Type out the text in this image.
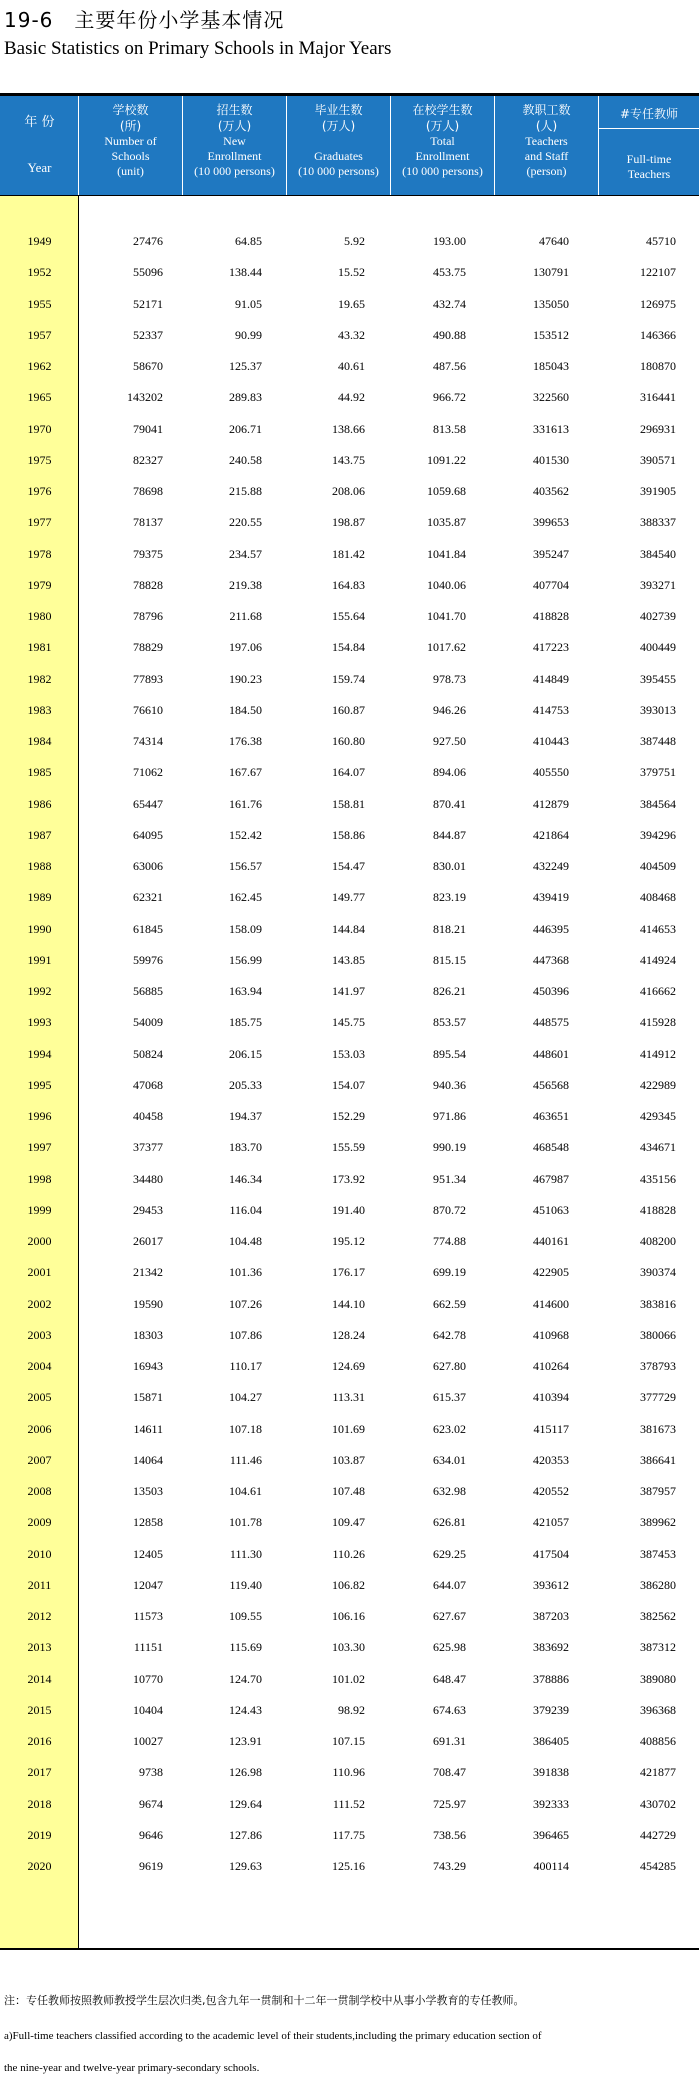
19-6　主要年份小学基本情况
Basic Statistics on Primary Schools in Major Years
年 份
Year
学校数
(所)
Number of
Schools
(unit)
招生数
(万人)
New
Enrollment
(10 000 persons)
毕业生数
(万人)
Graduates
(10 000 persons)
在校学生数
(万人)
Total
Enrollment
(10 000 persons)
教职工数
(人)
Teachers
and Staff
(person)
#专任教师
Full-time
Teachers
1949	27476	64.85	5.92	193.00	47640	45710
1952	55096	138.44	15.52	453.75	130791	122107
1955	52171	91.05	19.65	432.74	135050	126975
1957	52337	90.99	43.32	490.88	153512	146366
1962	58670	125.37	40.61	487.56	185043	180870
1965	143202	289.83	44.92	966.72	322560	316441
1970	79041	206.71	138.66	813.58	331613	296931
1975	82327	240.58	143.75	1091.22	401530	390571
1976	78698	215.88	208.06	1059.68	403562	391905
1977	78137	220.55	198.87	1035.87	399653	388337
1978	79375	234.57	181.42	1041.84	395247	384540
1979	78828	219.38	164.83	1040.06	407704	393271
1980	78796	211.68	155.64	1041.70	418828	402739
1981	78829	197.06	154.84	1017.62	417223	400449
1982	77893	190.23	159.74	978.73	414849	395455
1983	76610	184.50	160.87	946.26	414753	393013
1984	74314	176.38	160.80	927.50	410443	387448
1985	71062	167.67	164.07	894.06	405550	379751
1986	65447	161.76	158.81	870.41	412879	384564
1987	64095	152.42	158.86	844.87	421864	394296
1988	63006	156.57	154.47	830.01	432249	404509
1989	62321	162.45	149.77	823.19	439419	408468
1990	61845	158.09	144.84	818.21	446395	414653
1991	59976	156.99	143.85	815.15	447368	414924
1992	56885	163.94	141.97	826.21	450396	416662
1993	54009	185.75	145.75	853.57	448575	415928
1994	50824	206.15	153.03	895.54	448601	414912
1995	47068	205.33	154.07	940.36	456568	422989
1996	40458	194.37	152.29	971.86	463651	429345
1997	37377	183.70	155.59	990.19	468548	434671
1998	34480	146.34	173.92	951.34	467987	435156
1999	29453	116.04	191.40	870.72	451063	418828
2000	26017	104.48	195.12	774.88	440161	408200
2001	21342	101.36	176.17	699.19	422905	390374
2002	19590	107.26	144.10	662.59	414600	383816
2003	18303	107.86	128.24	642.78	410968	380066
2004	16943	110.17	124.69	627.80	410264	378793
2005	15871	104.27	113.31	615.37	410394	377729
2006	14611	107.18	101.69	623.02	415117	381673
2007	14064	111.46	103.87	634.01	420353	386641
2008	13503	104.61	107.48	632.98	420552	387957
2009	12858	101.78	109.47	626.81	421057	389962
2010	12405	111.30	110.26	629.25	417504	387453
2011	12047	119.40	106.82	644.07	393612	386280
2012	11573	109.55	106.16	627.67	387203	382562
2013	11151	115.69	103.30	625.98	383692	387312
2014	10770	124.70	101.02	648.47	378886	389080
2015	10404	124.43	98.92	674.63	379239	396368
2016	10027	123.91	107.15	691.31	386405	408856
2017	9738	126.98	110.96	708.47	391838	421877
2018	9674	129.64	111.52	725.97	392333	430702
2019	9646	127.86	117.75	738.56	396465	442729
2020	9619	129.63	125.16	743.29	400114	454285
注：专任教师按照教师教授学生层次归类,包含九年一贯制和十二年一贯制学校中从事小学教育的专任教师。
a)Full-time teachers classified according to the academic level of their students,including the primary education section of
the nine-year and twelve-year primary-secondary schools.
